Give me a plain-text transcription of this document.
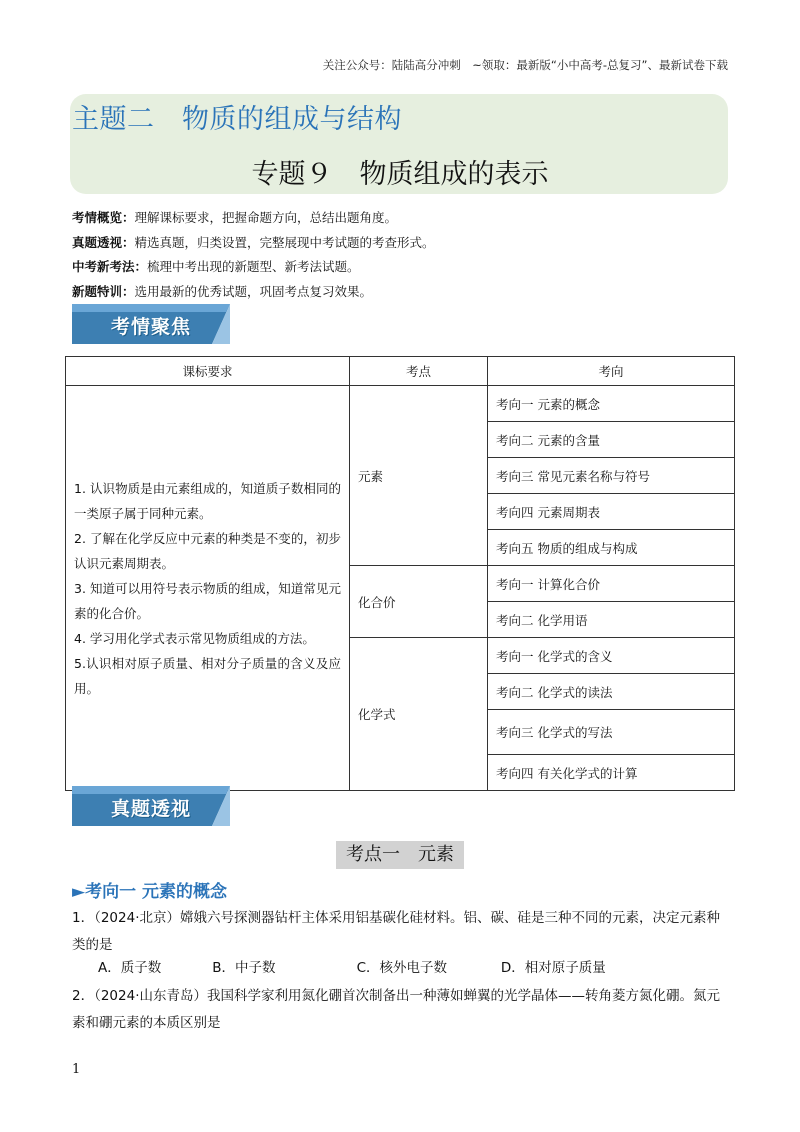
关注公众号：陆陆高分冲刺　~领取：最新版“小中高考-总复习”、最新试卷下载
主题二　物质的组成与结构
专题９　物质组成的表示
考情概览：理解课标要求，把握命题方向，总结出题角度。
真题透视：精选真题，归类设置，完整展现中考试题的考查形式。
中考新考法：梳理中考出现的新题型、新考法试题。
新题特训：选用最新的优秀试题，巩固考点复习效果。
考情聚焦
课标要求	考点	考向

1. 认识物质是由元素组成的，知道质子数相同的一类原子属于同种元素。
2. 了解在化学反应中元素的种类是不变的，初步认识元素周期表。
3. 知道可以用符号表示物质的组成，知道常见元素的化合价。
4. 学习用化学式表示常见物质组成的方法。
5.认识相对原子质量、相对分子质量的含义及应用。	元素	考向一 元素的概念
		考向二 元素的含量
		考向三 常见元素名称与符号
		考向四 元素周期表
		考向五 物质的组成与构成
	化合价	考向一 计算化合价
		考向二 化学用语
	化学式	考向一 化学式的含义
		考向二 化学式的读法
		考向三 化学式的写法
		考向四 有关化学式的计算
真题透视
考点一　元素
►考向一 元素的概念
1．（2024·北京）嫦娥六号探测器钻杆主体采用铝基碳化硅材料。铝、碳、硅是三种不同的元素，决定元素种类的是
A．质子数	B．中子数	C．核外电子数	D．相对原子质量
2．（2024·山东青岛）我国科学家利用氮化硼首次制备出一种薄如蝉翼的光学晶体——转角菱方氮化硼。氮元素和硼元素的本质区别是
1
